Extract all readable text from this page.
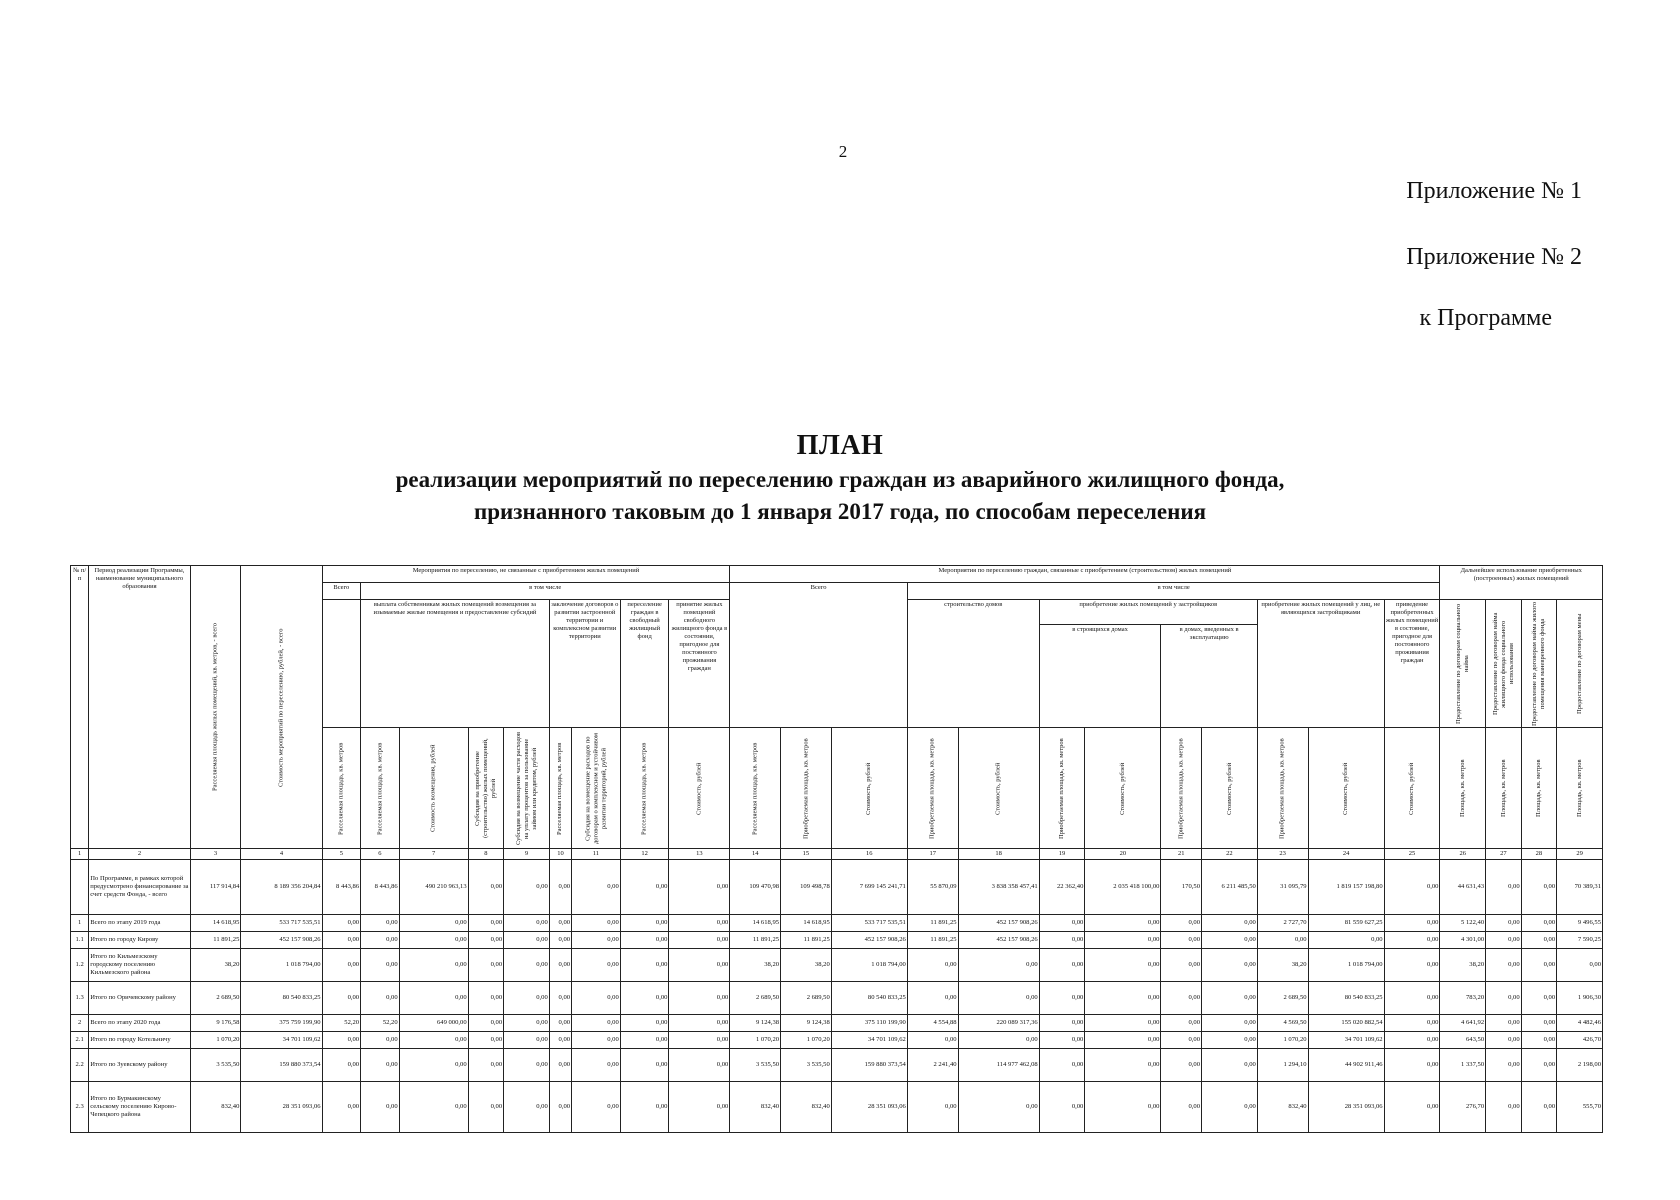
2
Приложение № 1
Приложение № 2
к Программе
ПЛАН
реализации мероприятий по переселению граждан из аварийного жилищного фонда,
признанного таковым до 1 января 2017 года, по способам переселения
№ п/п	Период реализации Программы, наименование муниципального образования	Расселяемая площадь жилых помещений, кв. метров, - всего	Стоимость мероприятий по переселению, рублей, - всего	Мероприятия по переселению, не связанные с приобретением жилых помещений									Мероприятия по переселению граждан, связанные с приобретением (строительством) жилых помещений												Дальнейшее использование приобретенных (построенных) жилых помещений			
				Всего	в том числе								Всего			в том числе												
					выплата собственникам жилых помещений возмещения за изымаемые жилые помещения и предоставление субсидий				заключение договоров о развитии застроенной территории и комплексном развитии территории		переселение граждан в свободный жилищный фонд	принятие жилых помещений свободного жилищного фонда в состоянии, пригодное для постоянного проживания граждан				строительство домов		приобретение жилых помещений у застройщиков				приобретение жилых помещений у лиц, не являющихся застройщиками		приведение приобретенных жилых помещений в состояние, пригодное для постоянного проживания граждан	Предоставление по договорам социального найма	Предоставление по договорам найма жилищного фонда социального использования	Предоставление по договорам найма жилого помещения маневренного фонда	Предоставление по договорам мены
																		в строящихся домах		в домах, введенных в эксплуатацию								
				Расселяемая площадь, кв. метров	Расселяемая площадь, кв. метров	Стоимость возмещения, рублей	Субсидия на приобретение (строительство) жилых помещений, рублей	Субсидия на возмещение части расходов на уплату процентов за пользование займом или кредитом, рублей	Расселяемая площадь, кв. метров	Субсидия на возмещение расходов по договорам о комплексном и устойчивом развитии территорий, рублей	Расселяемая площадь, кв. метров	Стоимость, рублей	Расселяемая площадь, кв. метров	Приобретаемая площадь, кв. метров	Стоимость, рублей	Приобретаемая площадь, кв. метров	Стоимость, рублей	Приобретаемая площадь, кв. метров	Стоимость, рублей	Приобретаемая площадь, кв. метров	Стоимость, рублей	Приобретаемая площадь, кв. метров	Стоимость, рублей	Стоимость, рублей	Площадь, кв. метров	Площадь, кв. метров	Площадь, кв. метров	Площадь, кв. метров
1	2	3	4	5	6	7	8	9	10	11	12	13	14	15	16	17	18	19	20	21	22	23	24	25	26	27	28	29
	По Программе, в рамках которой предусмотрено финансирование за счет средств Фонда, - всего	117 914,84	8 189 356 204,84	8 443,86	8 443,86	490 210 963,13	0,00	0,00	0,00	0,00	0,00	0,00	109 470,98	109 498,78	7 699 145 241,71	55 870,09	3 838 358 457,41	22 362,40	2 035 418 100,00	170,50	6 211 485,50	31 095,79	1 819 157 198,80	0,00	44 631,43	0,00	0,00	70 389,31
1	Всего по этапу 2019 года	14 618,95	533 717 535,51	0,00	0,00	0,00	0,00	0,00	0,00	0,00	0,00	0,00	14 618,95	14 618,95	533 717 535,51	11 891,25	452 157 908,26	0,00	0,00	0,00	0,00	2 727,70	81 559 627,25	0,00	5 122,40	0,00	0,00	9 496,55
1.1	Итого по городу Кирову	11 891,25	452 157 908,26	0,00	0,00	0,00	0,00	0,00	0,00	0,00	0,00	0,00	11 891,25	11 891,25	452 157 908,26	11 891,25	452 157 908,26	0,00	0,00	0,00	0,00	0,00	0,00	0,00	4 301,00	0,00	0,00	7 590,25
1.2	Итого по Кильмезскому городскому поселению Кильмезского района	38,20	1 018 794,00	0,00	0,00	0,00	0,00	0,00	0,00	0,00	0,00	0,00	38,20	38,20	1 018 794,00	0,00	0,00	0,00	0,00	0,00	0,00	38,20	1 018 794,00	0,00	38,20	0,00	0,00	0,00
1.3	Итого по Оричевскому району	2 689,50	80 540 833,25	0,00	0,00	0,00	0,00	0,00	0,00	0,00	0,00	0,00	2 689,50	2 689,50	80 540 833,25	0,00	0,00	0,00	0,00	0,00	0,00	2 689,50	80 540 833,25	0,00	783,20	0,00	0,00	1 906,30
2	Всего по этапу 2020 года	9 176,58	375 759 199,90	52,20	52,20	649 000,00	0,00	0,00	0,00	0,00	0,00	0,00	9 124,38	9 124,38	375 110 199,90	4 554,88	220 089 317,36	0,00	0,00	0,00	0,00	4 569,50	155 020 882,54	0,00	4 641,92	0,00	0,00	4 482,46
2.1	Итого по городу Котельничу	1 070,20	34 701 109,62	0,00	0,00	0,00	0,00	0,00	0,00	0,00	0,00	0,00	1 070,20	1 070,20	34 701 109,62	0,00	0,00	0,00	0,00	0,00	0,00	1 070,20	34 701 109,62	0,00	643,50	0,00	0,00	426,70
2.2	Итого по Зуевскому району	3 535,50	159 880 373,54	0,00	0,00	0,00	0,00	0,00	0,00	0,00	0,00	0,00	3 535,50	3 535,50	159 880 373,54	2 241,40	114 977 462,08	0,00	0,00	0,00	0,00	1 294,10	44 902 911,46	0,00	1 337,50	0,00	0,00	2 198,00
2.3	Итого по Бурмакинскому сельскому поселению Кирово-Чепецкого района	832,40	28 351 093,06	0,00	0,00	0,00	0,00	0,00	0,00	0,00	0,00	0,00	832,40	832,40	28 351 093,06	0,00	0,00	0,00	0,00	0,00	0,00	832,40	28 351 093,06	0,00	276,70	0,00	0,00	555,70
